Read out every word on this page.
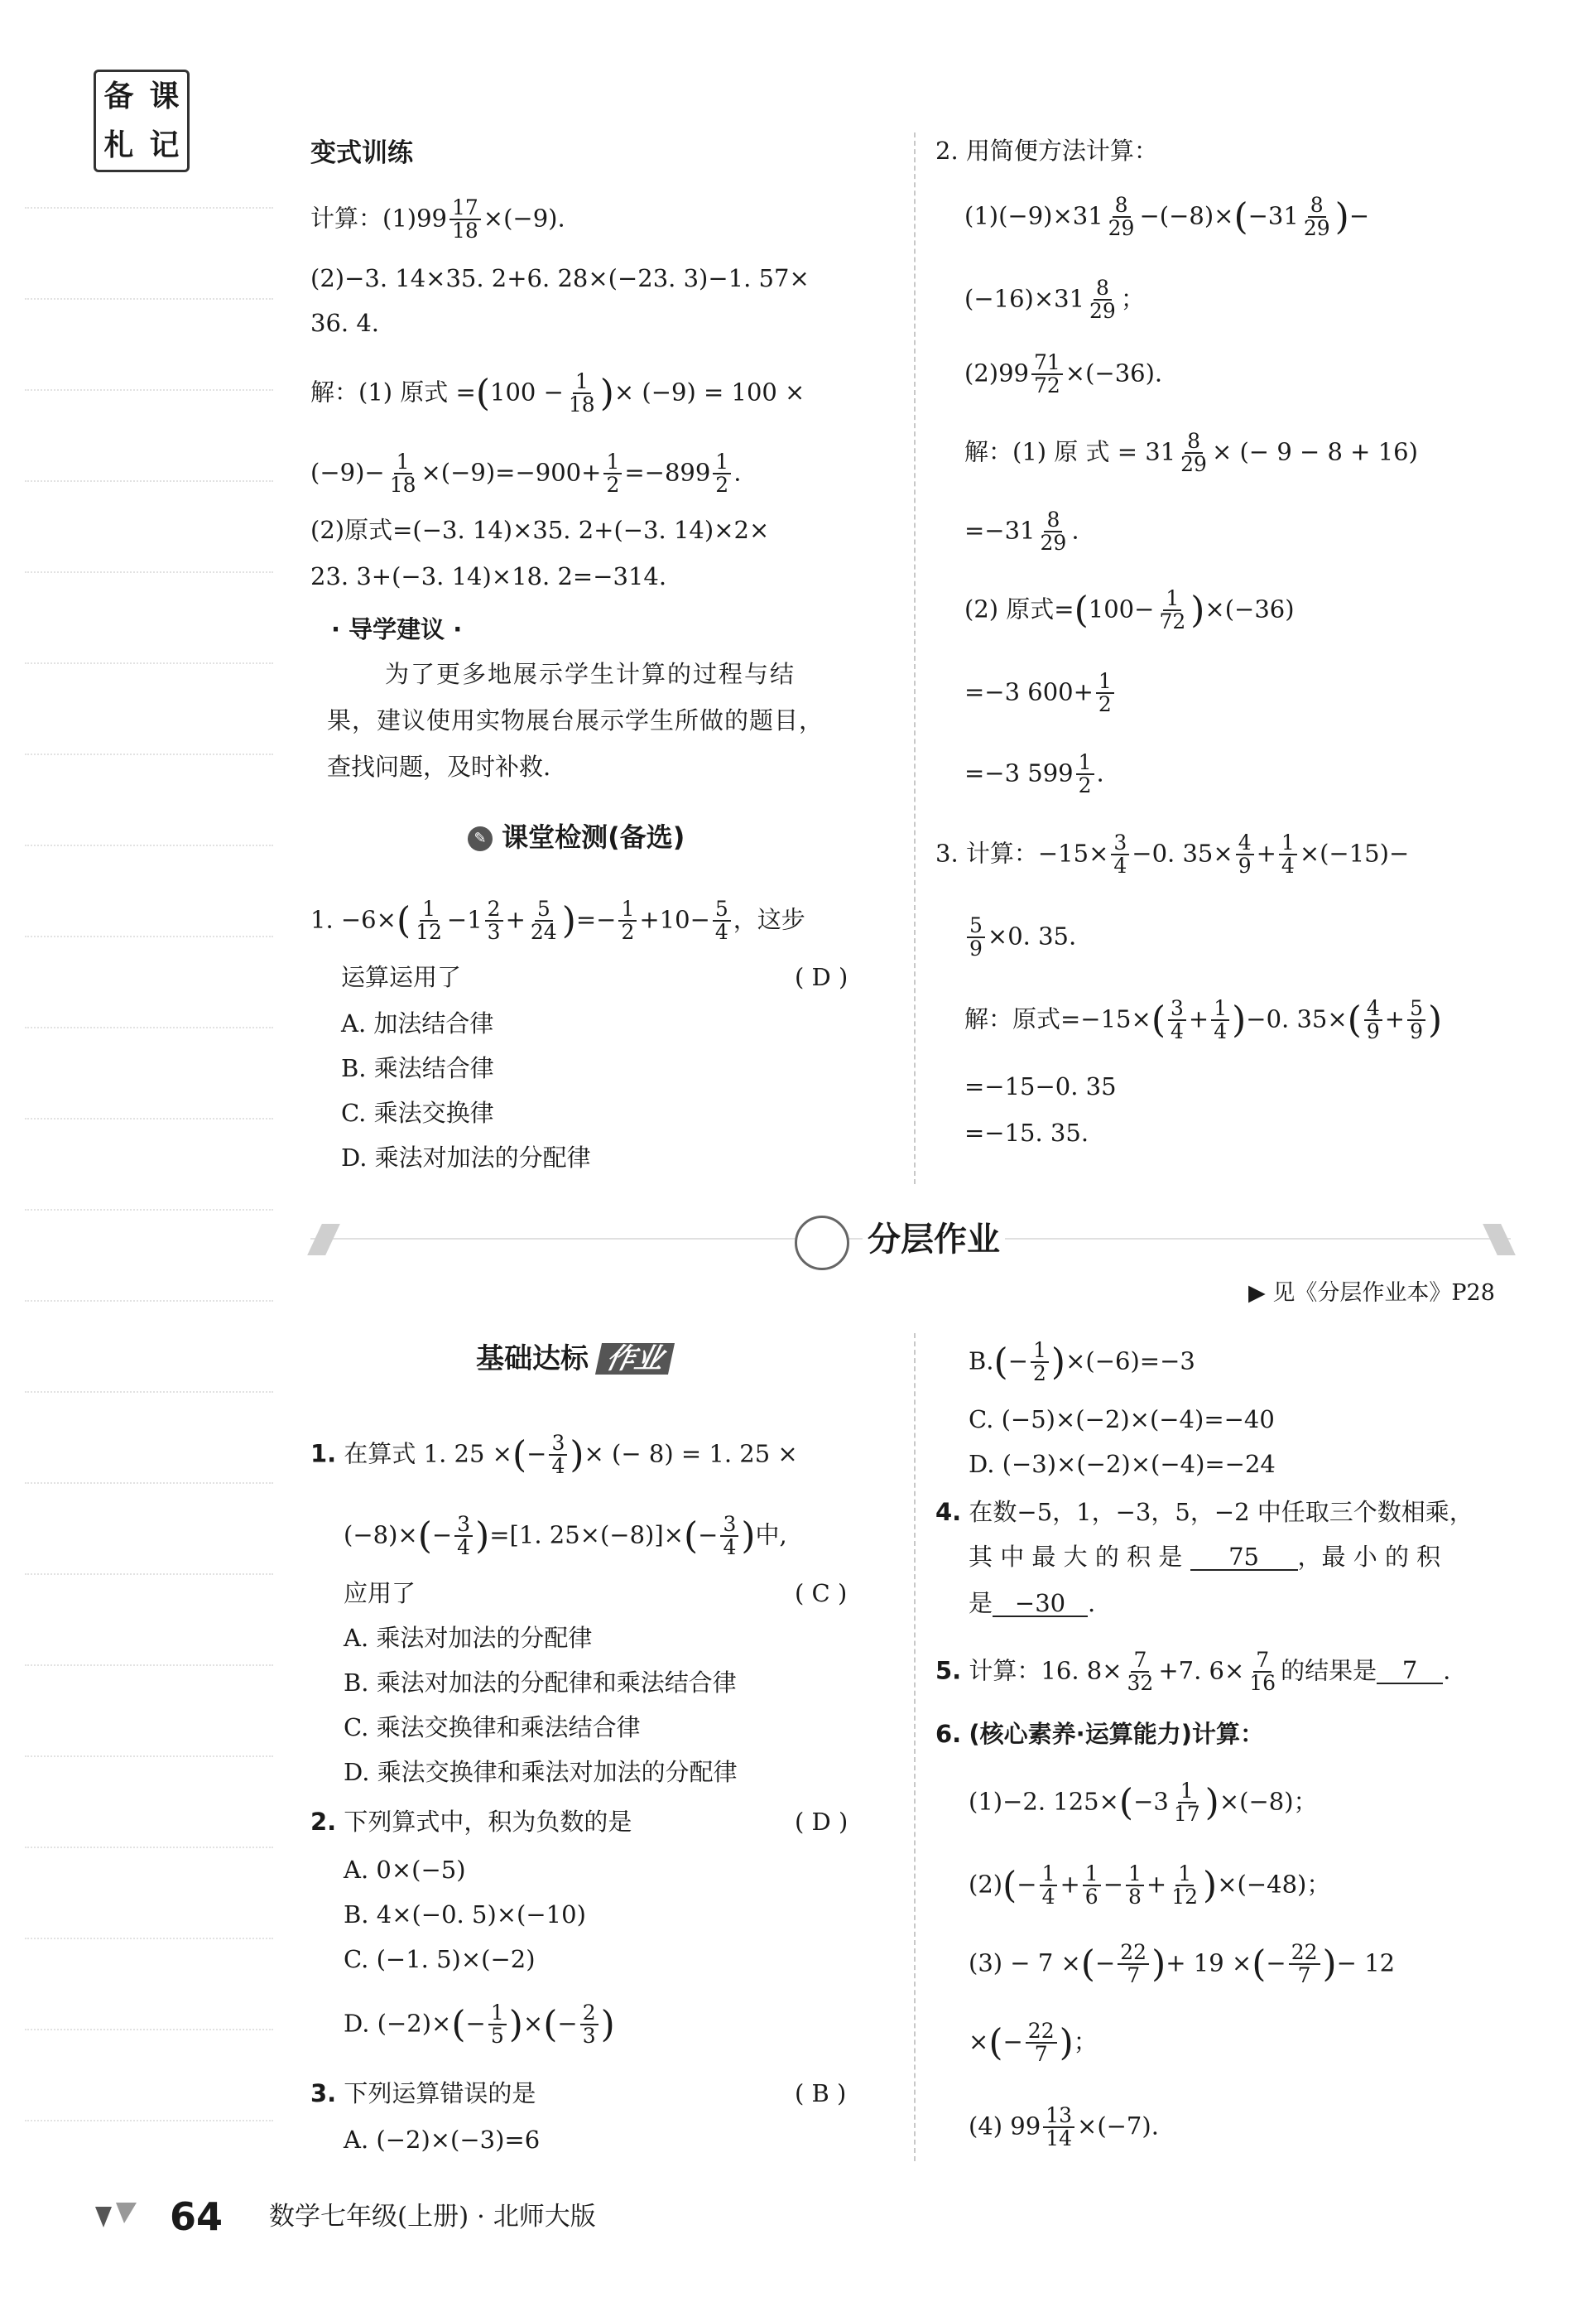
备 课
札 记	变式训练
计算：$(1)99 \frac{17}{18} \times(-9)$.
(2)−3. 14×35. 2+6. 28×(−23. 3)−1. 57×
36. 4.
解：(1) 原式 $=(100 - \frac{1}{18}$ )× (−9) = 100 ×
$(-9)- \frac{1}{18} \times(-9)=-900+ \frac{1}{2} =-899 \frac{1}{2}$ .
(2)原式=(−3. 14)×35. 2+(−3. 14)×2×
23. 3+(−3. 14)×18. 2=−314.
· 导学建议 ·
为了更多地展示学生计算的过程与结
果，建议使用实物展台展示学生所做的题目，
查找问题，及时补救.
✎ 课堂检测(备选)
1. $-6\times( \frac{1}{12} -1 \frac{2}{3} + \frac{5}{24}$ )=− $\frac{1}{2} +10- \frac{5}{4}$ ，这步
运算运用了	( D )
A. 加法结合律
B. 乘法结合律
C. 乘法交换律
D. 乘法对加法的分配律
2. 用简便方法计算：
$(1)(-9)\times 31 \frac{8}{29} -(-8)\times(-31 \frac{8}{29}$ )−
$(-16)\times 31 \frac{8}{29}$ ；
$(2)99 \frac{71}{72} \times(-36)$.
解：(1) 原 式 = $31 \frac{8}{29}$ × (− 9 − 8 + 16)
$=-31 \frac{8}{29}$ .
(2) 原式$=(100- \frac{1}{72} )\times(-36)$
=−3 $600+ \frac{1}{2}$
=−3 $599 \frac{1}{2}$ .
3. 计算：$-15\times \frac{3}{4} -0$. $35\times \frac{4}{9} + \frac{1}{4} \times(-15)-$
$\frac{5}{9} \times 0$. 35.
解：原式$=-15\times( \frac{3}{4} + \frac{1}{4} )-0$. $35\times( \frac{4}{9} + \frac{5}{9}$ )
=−15−0. 35
=−15. 35.
分层作业
▶ 见《分层作业本》P28
基础达标 作业
1. 在算式 1. 25 ×(− $\frac{3}{4}$ )× (− 8) = 1. 25 ×
$(-8)\times(- \frac{3}{4} )=[1$. $25\times(-8)]\times(- \frac{3}{4}$ )中,
应用了	( C )
A. 乘法对加法的分配律
B. 乘法对加法的分配律和乘法结合律
C. 乘法交换律和乘法结合律
D. 乘法交换律和乘法对加法的分配律
2. 下列算式中，积为负数的是	( D )
A. 0×(−5)
B. 4×(−0. 5)×(−10)
C. (−1. 5)×(−2)
D. $(-2)\times(- \frac{1}{5}$ )×(− $\frac{2}{3}$ )
3. 下列运算错误的是	( B )
A. (−2)×(−3)=6
$B.(- \frac{1}{2} )\times(-6)=-3$
C. (−5)×(−2)×(−4)=−40
D. (−3)×(−2)×(−4)=−24
4. 在数−5，1，−3，5，−2 中任取三个数相乘，
其 中 最 大 的 积 是 75 ，最 小 的 积
是 −30 .
5. 计算：16. $8\times \frac{7}{32} +7$. $6\times \frac{7}{16}$ 的结果是 7 .
6. (核心素养·运算能力)计算：
(1)−2. $125\times(-3 \frac{1}{17} )\times(-8)$；
$(2)(- \frac{1}{4} + \frac{1}{6} - \frac{1}{8} + \frac{1}{12} )\times(-48)$；
(3) − 7 ×(− $\frac{22}{7}$ )+ 19 ×(− $\frac{22}{7}$ )− 12
×(− $\frac{22}{7}$ )；
(4) $99 \frac{13}{14} \times(-7)$.
64 数学七年级(上册) · 北师大版
